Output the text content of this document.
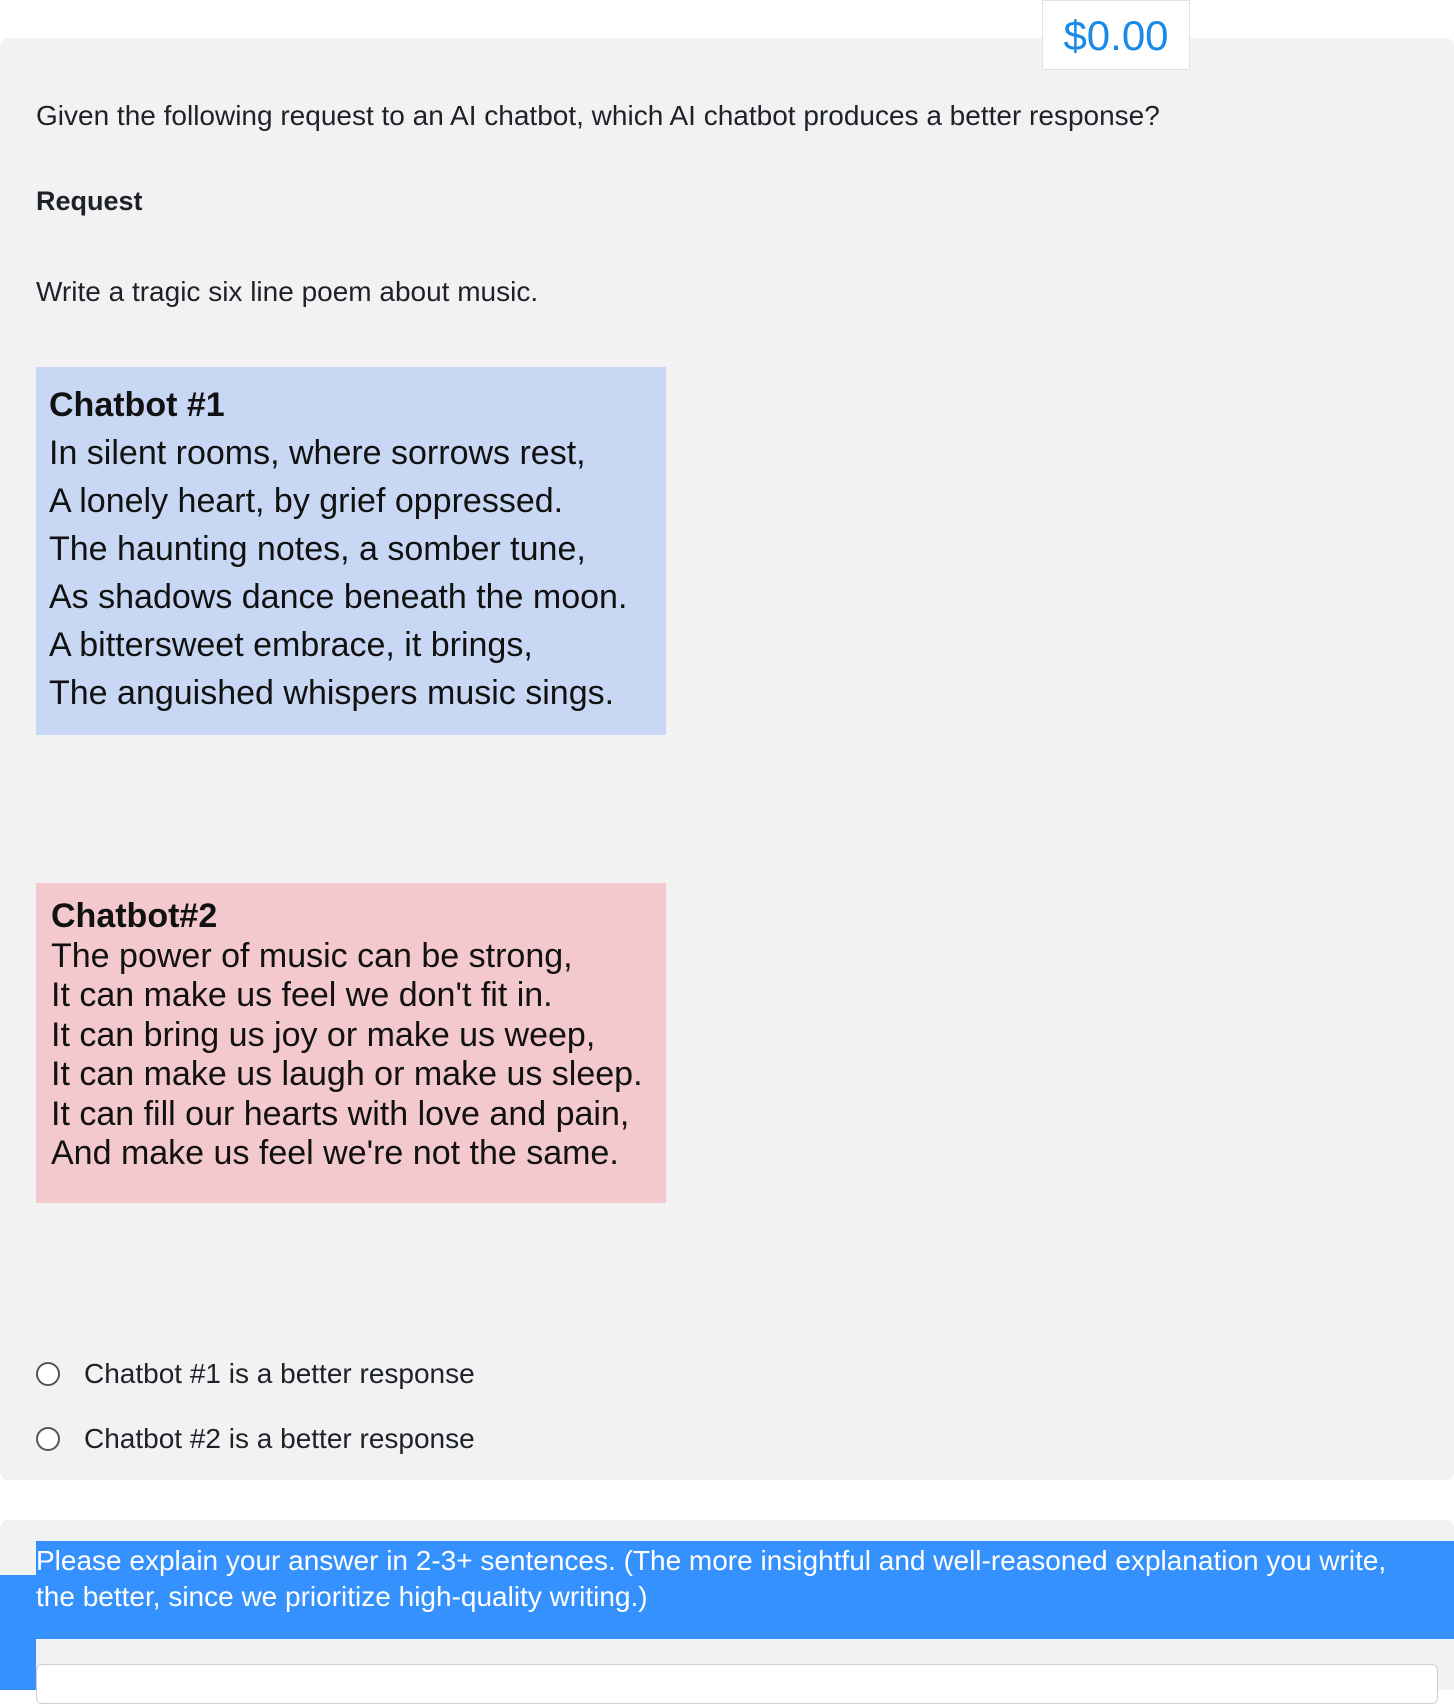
$0.00
Given the following request to an AI chatbot, which AI chatbot produces a better response?
Request
Write a tragic six line poem about music.
Chatbot #1
In silent rooms, where sorrows rest,
A lonely heart, by grief oppressed.
The haunting notes, a somber tune,
As shadows dance beneath the moon.
A bittersweet embrace, it brings,
The anguished whispers music sings.
Chatbot#2
The power of music can be strong,
It can make us feel we don't fit in.
It can bring us joy or make us weep,
It can make us laugh or make us sleep.
It can fill our hearts with love and pain,
And make us feel we're not the same.
Chatbot #1 is a better response
Chatbot #2 is a better response
Please explain your answer in 2-3+ sentences. (The more insightful and well-reasoned explanation you write, the better, since we prioritize high-quality writing.)
